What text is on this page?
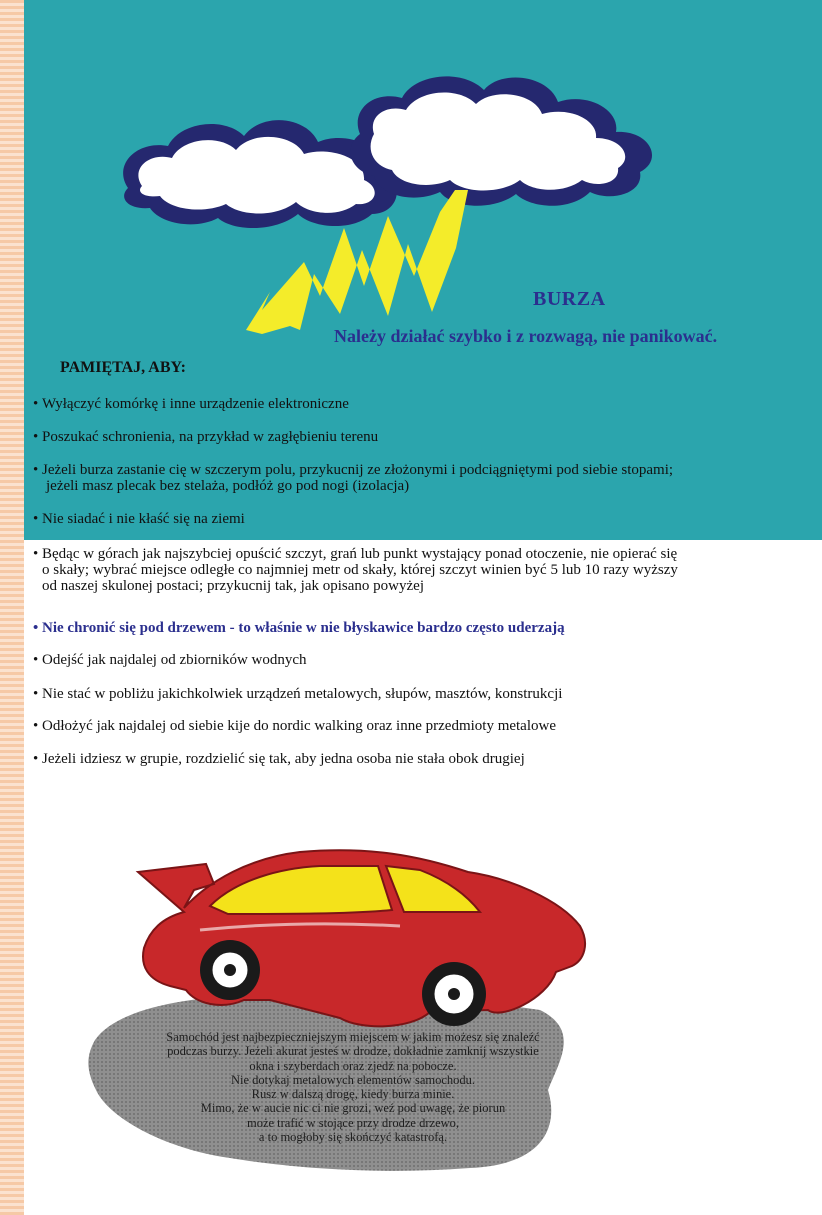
BURZA
Należy działać szybko i z rozwagą, nie panikować.
PAMIĘTAJ, ABY:
• Wyłączyć komórkę i inne urządzenie elektroniczne
• Poszukać schronienia, na przykład w zagłębieniu terenu
• Jeżeli burza zastanie cię w szczerym polu, przykucnij ze złożonymi i podciągniętymi pod siebie stopami;
jeżeli masz plecak bez stelaża, podłóż go pod nogi (izolacja)
• Nie siadać i nie kłaść się na ziemi
• Będąc w górach jak najszybciej opuścić szczyt, grań lub punkt wystający ponad otoczenie, nie opierać się
o skały; wybrać miejsce odległe co najmniej metr od skały, której szczyt winien być 5 lub 10 razy wyższy
od naszej skulonej postaci; przykucnij tak, jak opisano powyżej
• Nie chronić się pod drzewem - to właśnie w nie błyskawice bardzo często uderzają
• Odejść jak najdalej od zbiorników wodnych
• Nie stać w pobliżu jakichkolwiek urządzeń metalowych, słupów, masztów, konstrukcji
• Odłożyć jak najdalej od siebie kije do nordic walking oraz inne przedmioty metalowe
• Jeżeli idziesz w grupie, rozdzielić się tak, aby jedna osoba nie stała obok drugiej
Samochód jest najbezpieczniejszym miejscem w jakim możesz się znaleźć
podczas burzy. Jeżeli akurat jesteś w drodze, dokładnie zamknij wszystkie
okna i szyberdach oraz zjedź na pobocze.
Nie dotykaj metalowych elementów samochodu.
Rusz w dalszą drogę, kiedy burza minie.
Mimo, że w aucie nic ci nie grozi, weź pod uwagę, że piorun
może trafić w stojące przy drodze drzewo,
a to mogłoby się skończyć katastrofą.
